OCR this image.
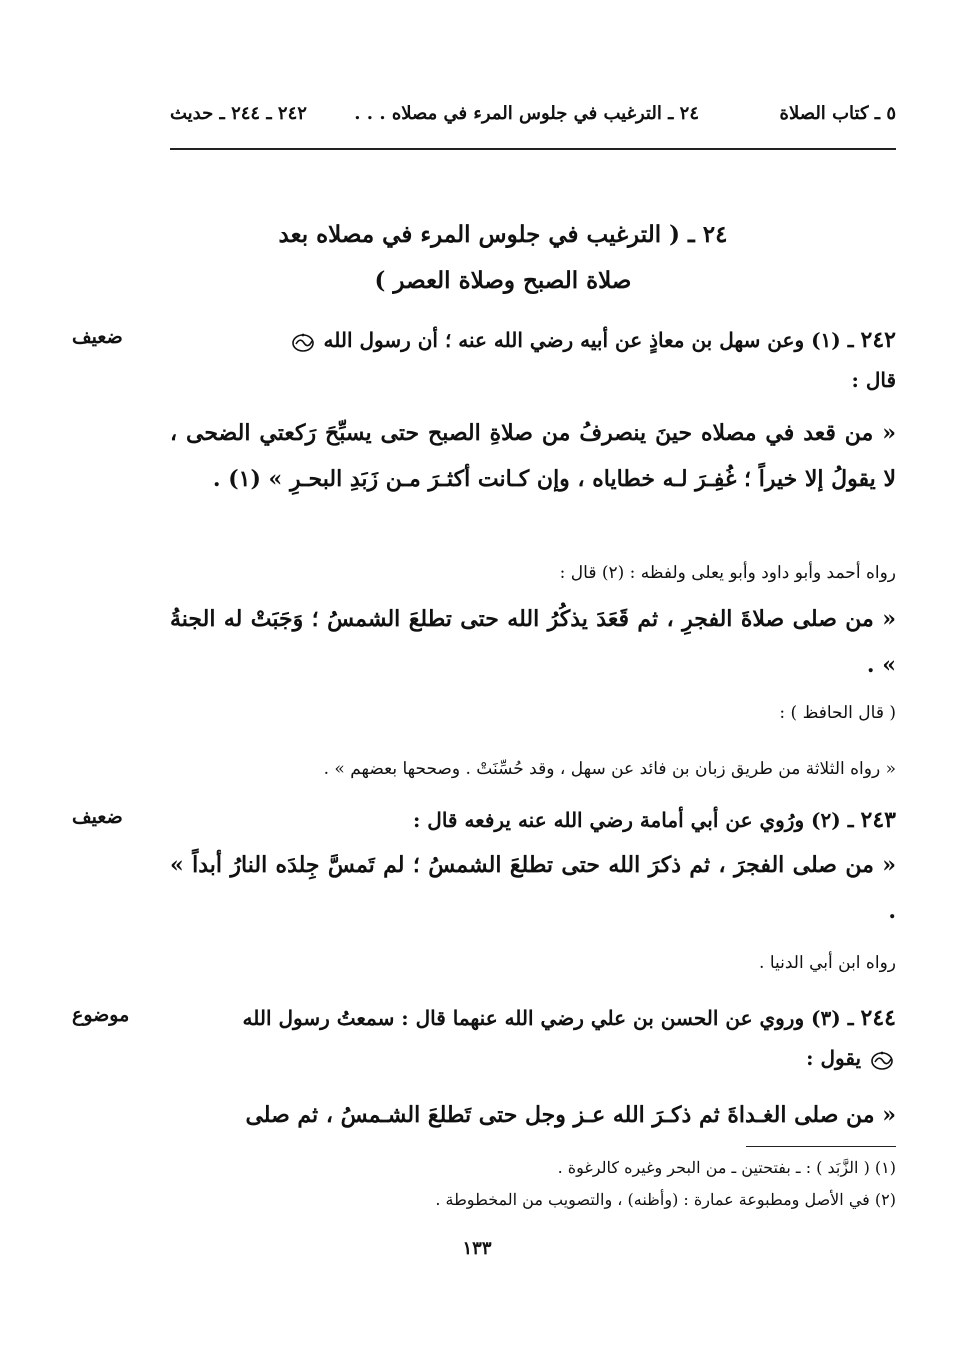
٥ ـ كتاب الصلاة
٢٤ ـ الترغيب في جلوس المرء في مصلاه . . .
٢٤٢ ـ ٢٤٤ ـ حديث
٢٤ ـ ( الترغيب في جلوس المرء في مصلاه بعد
صلاة الصبح وصلاة العصر )
ضعيف	٢٤٢ ـ (١) وعن سهل بن معاذٍ عن أبيه رضي الله عنه ؛ أن رسول الله
قال :
« من قعد في مصلاه حينَ ينصرفُ من صلاةِ الصبح حتى يسبِّحَ رَكعتي الضحى ، لا يقولُ إلا خيراً ؛ غُفِـرَ لـه خطاياه ، وإن كـانت أكثـرَ مـن زَبَدِ البحـرِ » (١) .
رواه أحمد وأبو داود وأبو يعلى ولفظه : (٢) قال :
« من صلى صلاةَ الفجرِ ، ثم قَعَدَ يذكُرُ الله حتى تطلعَ الشمسُ ؛ وَجَبَتْ له الجنةُ » .
( قال الحافظ ) :
« رواه الثلاثة من طريق زبان بن فائد عن سهل ، وقد حُسِّنَتْ . وصححها بعضهم » .
ضعيف	٢٤٣ ـ (٢) ورُوي عن أبي أمامة رضي الله عنه يرفعه قال :
« من صلى الفجرَ ، ثم ذكرَ الله حتى تطلعَ الشمسُ ؛ لم تَمسَّ جِلدَه النارُ أبداً » .
رواه ابن أبي الدنيا .
موضوع	٢٤٤ ـ (٣) وروي عن الحسن بن علي رضي الله عنهما قال : سمعتُ رسول الله
يقول :
« من صلى الغـداةَ ثم ذكـرَ الله عـز وجل حتى تَطلعَ الشـمسُ ، ثم صلى
(١) ( الزَّبَد ) : ـ بفتحتين ـ من البحر وغيره كالرغوة .
(٢) في الأصل ومطبوعة عمارة : (وأظنه) ، والتصويب من المخطوطة .
١٣٣
